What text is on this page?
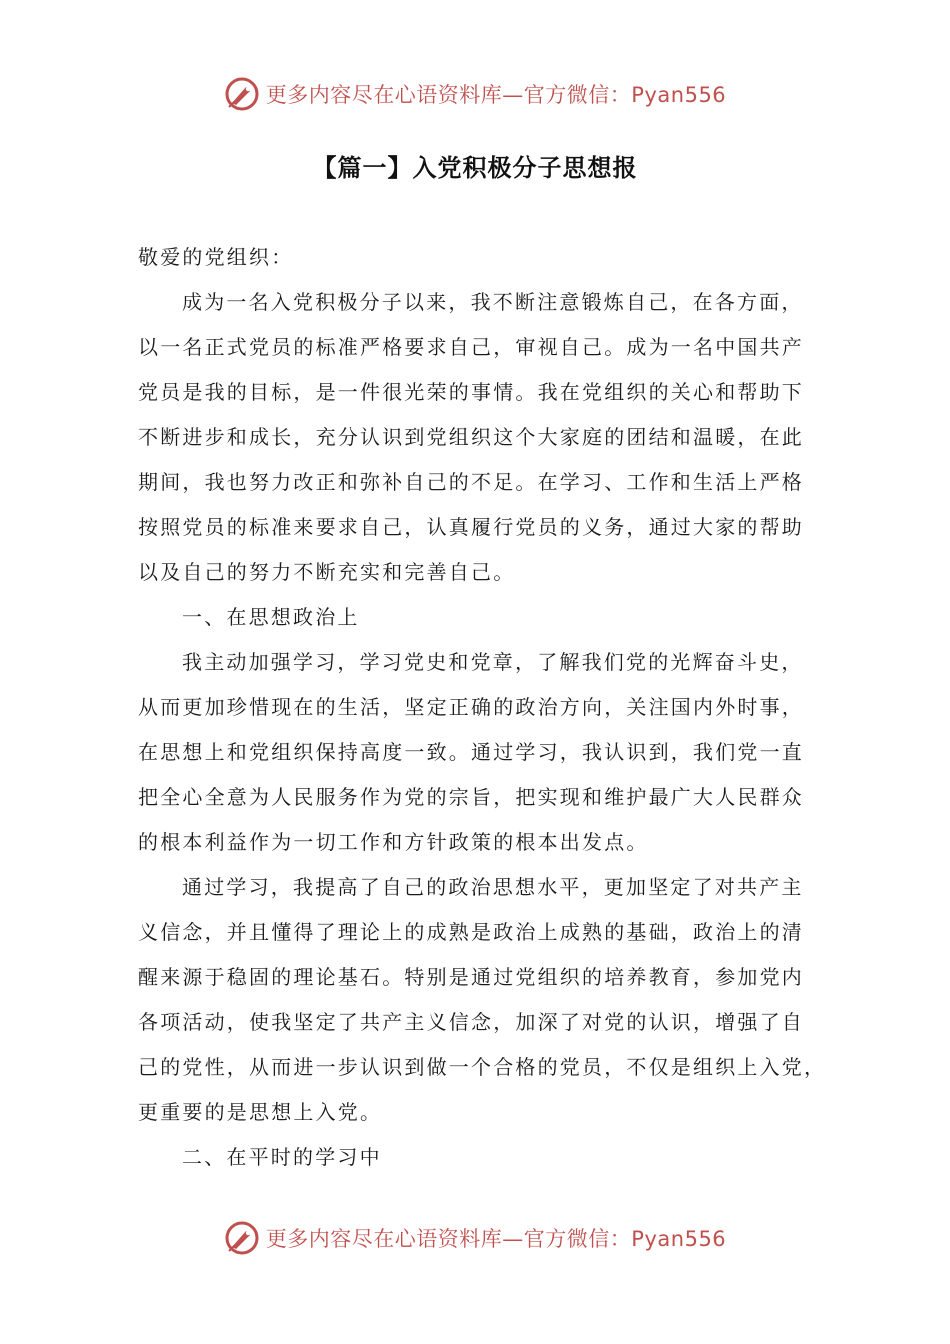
更多内容尽在心语资料库—官方微信：Pyan556
【篇一】入党积极分子思想报
敬爱的党组织：
成为一名入党积极分子以来，我不断注意锻炼自己，在各方面，
以一名正式党员的标准严格要求自己，审视自己。成为一名中国共产
党员是我的目标，是一件很光荣的事情。我在党组织的关心和帮助下
不断进步和成长，充分认识到党组织这个大家庭的团结和温暖，在此
期间，我也努力改正和弥补自己的不足。在学习、工作和生活上严格
按照党员的标准来要求自己，认真履行党员的义务，通过大家的帮助
以及自己的努力不断充实和完善自己。
一、在思想政治上
我主动加强学习，学习党史和党章，了解我们党的光辉奋斗史，
从而更加珍惜现在的生活，坚定正确的政治方向，关注国内外时事，
在思想上和党组织保持高度一致。通过学习，我认识到，我们党一直
把全心全意为人民服务作为党的宗旨，把实现和维护最广大人民群众
的根本利益作为一切工作和方针政策的根本出发点。
通过学习，我提高了自己的政治思想水平，更加坚定了对共产主
义信念，并且懂得了理论上的成熟是政治上成熟的基础，政治上的清
醒来源于稳固的理论基石。特别是通过党组织的培养教育，参加党内
各项活动，使我坚定了共产主义信念，加深了对党的认识，增强了自
己的党性，从而进一步认识到做一个合格的党员，不仅是组织上入党，
更重要的是思想上入党。
二、在平时的学习中
更多内容尽在心语资料库—官方微信：Pyan556
